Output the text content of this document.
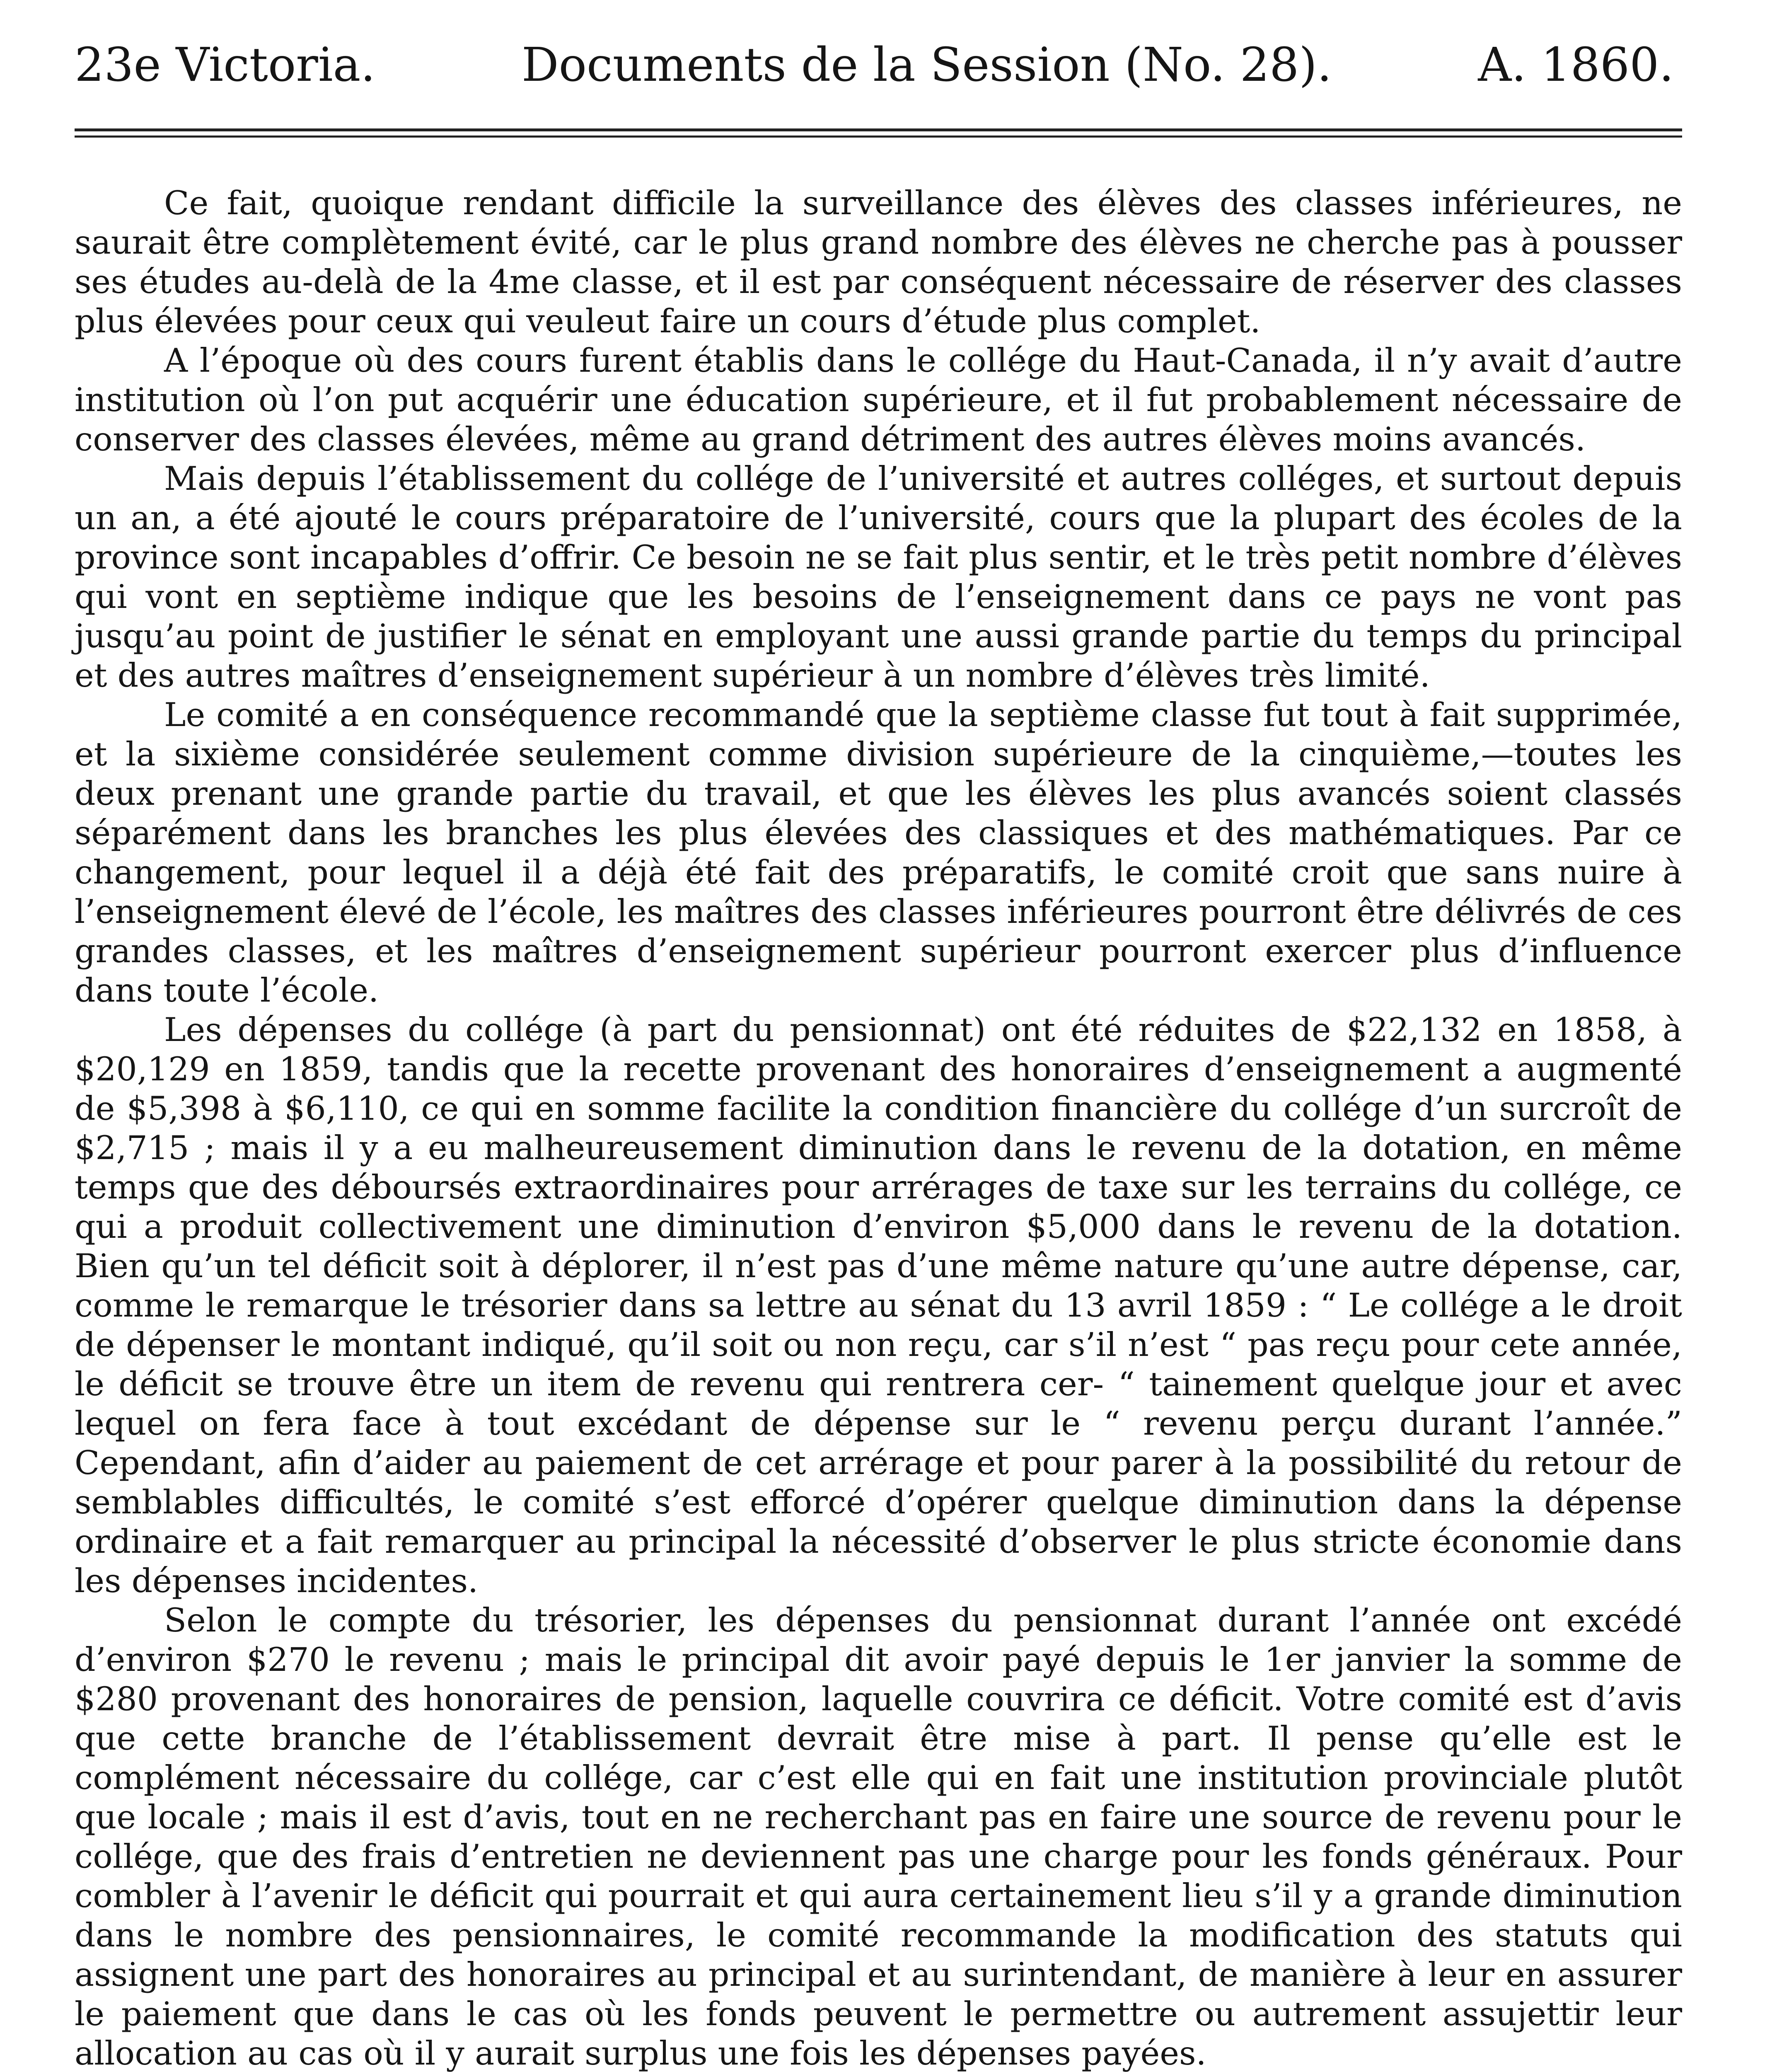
23e Victoria.	Documents de la Session (No. 28).	A. 1860.

Ce fait, quoique rendant difficile la surveillance des élèves des classes inférieures, ne saurait être complètement évité, car le plus grand nombre des élèves ne cherche pas à pousser ses études au-delà de la 4me classe, et il est par conséquent nécessaire de réserver des classes plus élevées pour ceux qui veuleut faire un cours d’étude plus complet.

A l’époque où des cours furent établis dans le collége du Haut-Canada, il n’y avait d’autre institution où l’on put acquérir une éducation supérieure, et il fut probablement nécessaire de conserver des classes élevées, même au grand détriment des autres élèves moins avancés.

Mais depuis l’établissement du collége de l’université et autres colléges, et surtout depuis un an, a été ajouté le cours préparatoire de l’université, cours que la plupart des écoles de la province sont incapables d’offrir. Ce besoin ne se fait plus sentir, et le très petit nombre d’élèves qui vont en septième indique que les besoins de l’enseignement dans ce pays ne vont pas jusqu’au point de justifier le sénat en employant une aussi grande partie du temps du principal et des autres maîtres d’enseignement supérieur à un nombre d’élèves très limité.

Le comité a en conséquence recommandé que la septième classe fut tout à fait supprimée, et la sixième considérée seulement comme division supérieure de la cinquième,—toutes les deux prenant une grande partie du travail, et que les élèves les plus avancés soient classés séparément dans les branches les plus élevées des classiques et des mathématiques. Par ce changement, pour lequel il a déjà été fait des préparatifs, le comité croit que sans nuire à l’enseignement élevé de l’école, les maîtres des classes inférieures pourront être délivrés de ces grandes classes, et les maîtres d’enseignement supérieur pourront exercer plus d’influence dans toute l’école.

Les dépenses du collége (à part du pensionnat) ont été réduites de $22,132 en 1858, à $20,129 en 1859, tandis que la recette provenant des honoraires d’enseignement a augmenté de $5,398 à $6,110, ce qui en somme facilite la condition financière du collége d’un surcroît de $2,715 ; mais il y a eu malheureusement diminution dans le revenu de la dotation, en même temps que des déboursés extraordinaires pour arrérages de taxe sur les terrains du collége, ce qui a produit collectivement une diminution d’environ $5,000 dans le revenu de la dotation. Bien qu’un tel déficit soit à déplorer, il n’est pas d’une même nature qu’une autre dépense, car, comme le remarque le trésorier dans sa lettre au sénat du 13 avril 1859 : “ Le collége a le droit de dépenser le montant indiqué, qu’il soit ou non reçu, car s’il n’est “ pas reçu pour cete année, le déficit se trouve être un item de revenu qui rentrera cer- “ tainement quelque jour et avec lequel on fera face à tout excédant de dépense sur le “ revenu perçu durant l’année.” Cependant, afin d’aider au paiement de cet arrérage et pour parer à la possibilité du retour de semblables difficultés, le comité s’est efforcé d’opérer quelque diminution dans la dépense ordinaire et a fait remarquer au principal la nécessité d’observer le plus stricte économie dans les dépenses incidentes.

Selon le compte du trésorier, les dépenses du pensionnat durant l’année ont excédé d’environ $270 le revenu ; mais le principal dit avoir payé depuis le 1er janvier la somme de $280 provenant des honoraires de pension, laquelle couvrira ce déficit. Votre comité est d’avis que cette branche de l’établissement devrait être mise à part. Il pense qu’elle est le complément nécessaire du collége, car c’est elle qui en fait une institution provinciale plutôt que locale ; mais il est d’avis, tout en ne recherchant pas en faire une source de revenu pour le collége, que des frais d’entretien ne deviennent pas une charge pour les fonds généraux. Pour combler à l’avenir le déficit qui pourrait et qui aura certainement lieu s’il y a grande diminution dans le nombre des pensionnaires, le comité recommande la modification des statuts qui assignent une part des honoraires au principal et au surintendant, de manière à leur en assurer le paiement que dans le cas où les fonds peuvent le permettre ou autrement assujettir leur allocation au cas où il y aurait surplus une fois les dépenses payées.
